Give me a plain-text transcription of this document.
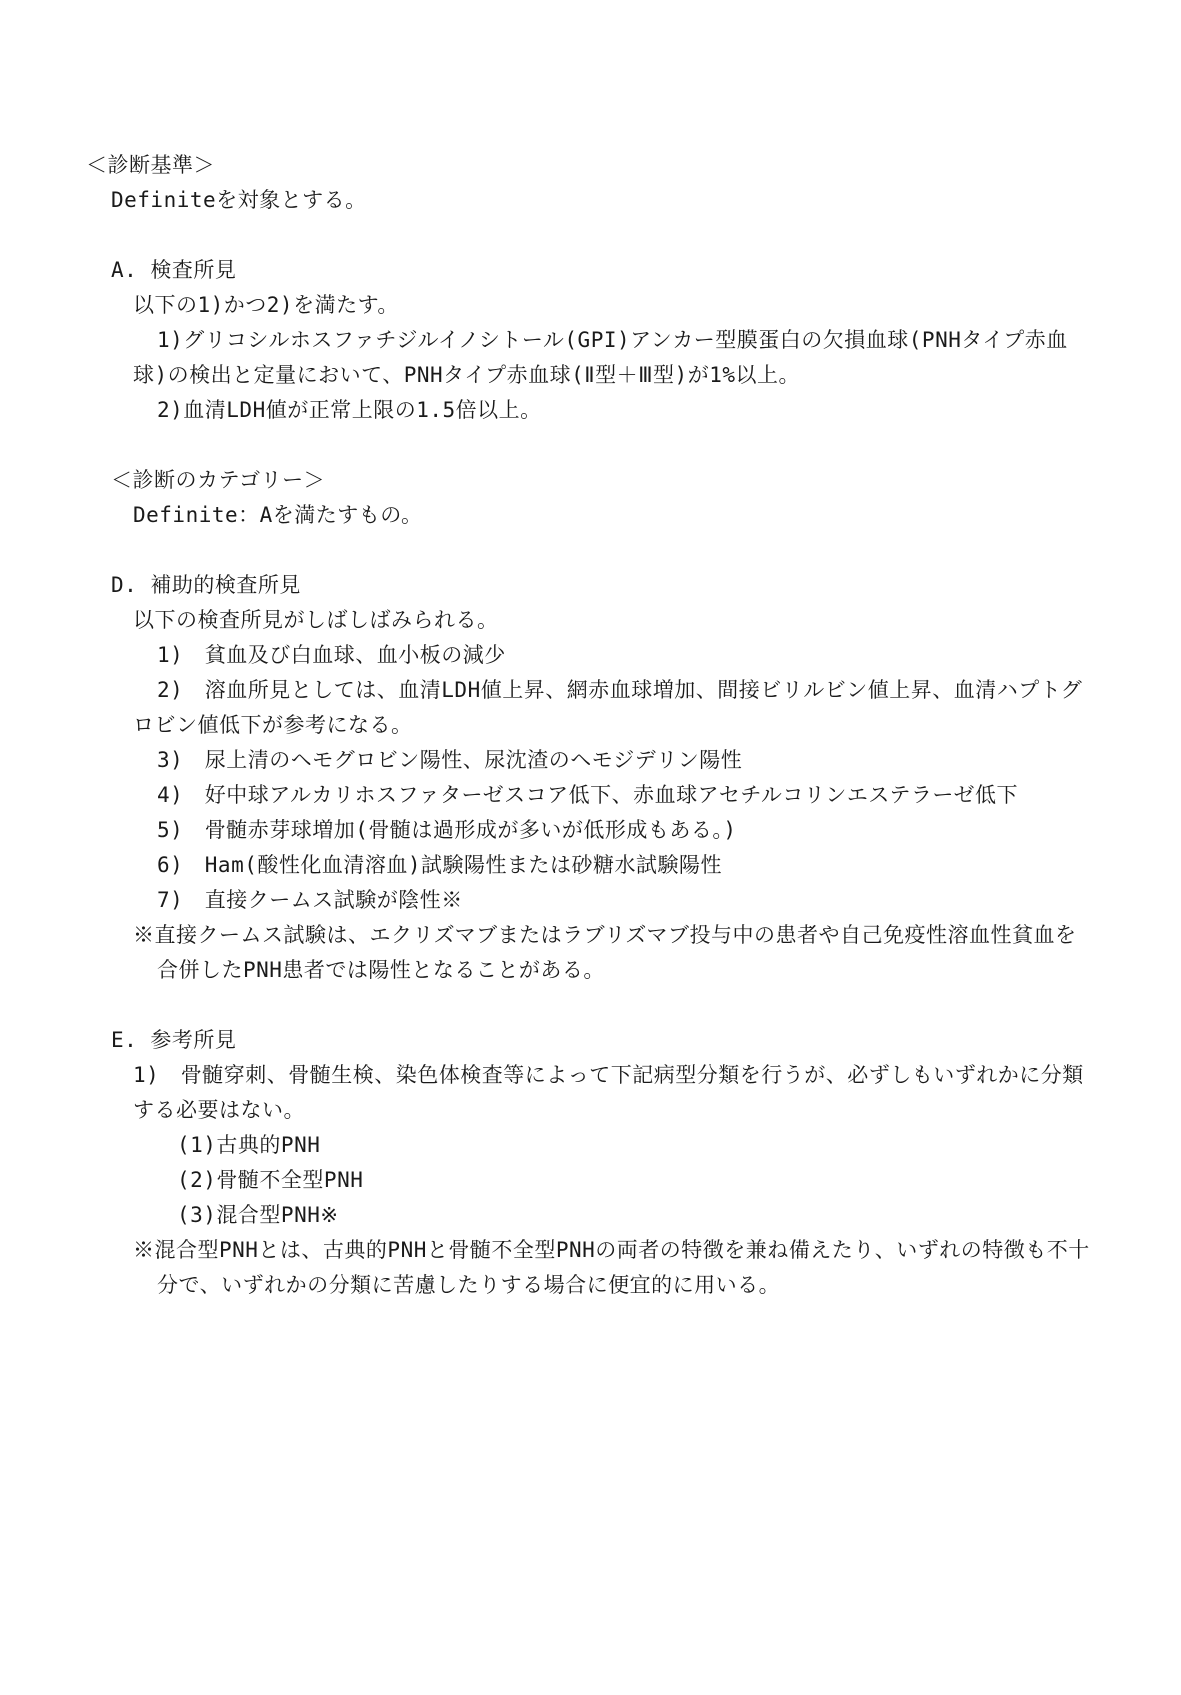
＜診断基準＞
Definiteを対象とする。
A. 検査所見
以下の1)かつ2)を満たす。
1)グリコシルホスファチジルイノシトール(GPI)アンカー型膜蛋白の欠損血球(PNHタイプ赤血
球)の検出と定量において、PNHタイプ赤血球(Ⅱ型＋Ⅲ型)が1%以上。
2)血清LDH値が正常上限の1.5倍以上。
＜診断のカテゴリー＞
Definite：Aを満たすもの。
D. 補助的検査所見
以下の検査所見がしばしばみられる。
1)　貧血及び白血球、血小板の減少
2)　溶血所見としては、血清LDH値上昇、網赤血球増加、間接ビリルビン値上昇、血清ハプトグ
ロビン値低下が参考になる。
3)　尿上清のヘモグロビン陽性、尿沈渣のヘモジデリン陽性
4)　好中球アルカリホスファターゼスコア低下、赤血球アセチルコリンエステラーゼ低下
5)　骨髄赤芽球増加(骨髄は過形成が多いが低形成もある。)
6)　Ham(酸性化血清溶血)試験陽性または砂糖水試験陽性
7)　直接クームス試験が陰性※
※直接クームス試験は、エクリズマブまたはラブリズマブ投与中の患者や自己免疫性溶血性貧血を
合併したPNH患者では陽性となることがある。
E. 参考所見
1)　骨髄穿刺、骨髄生検、染色体検査等によって下記病型分類を行うが、必ずしもいずれかに分類
する必要はない。
(1)古典的PNH
(2)骨髄不全型PNH
(3)混合型PNH※
※混合型PNHとは、古典的PNHと骨髄不全型PNHの両者の特徴を兼ね備えたり、いずれの特徴も不十
分で、いずれかの分類に苦慮したりする場合に便宜的に用いる。
